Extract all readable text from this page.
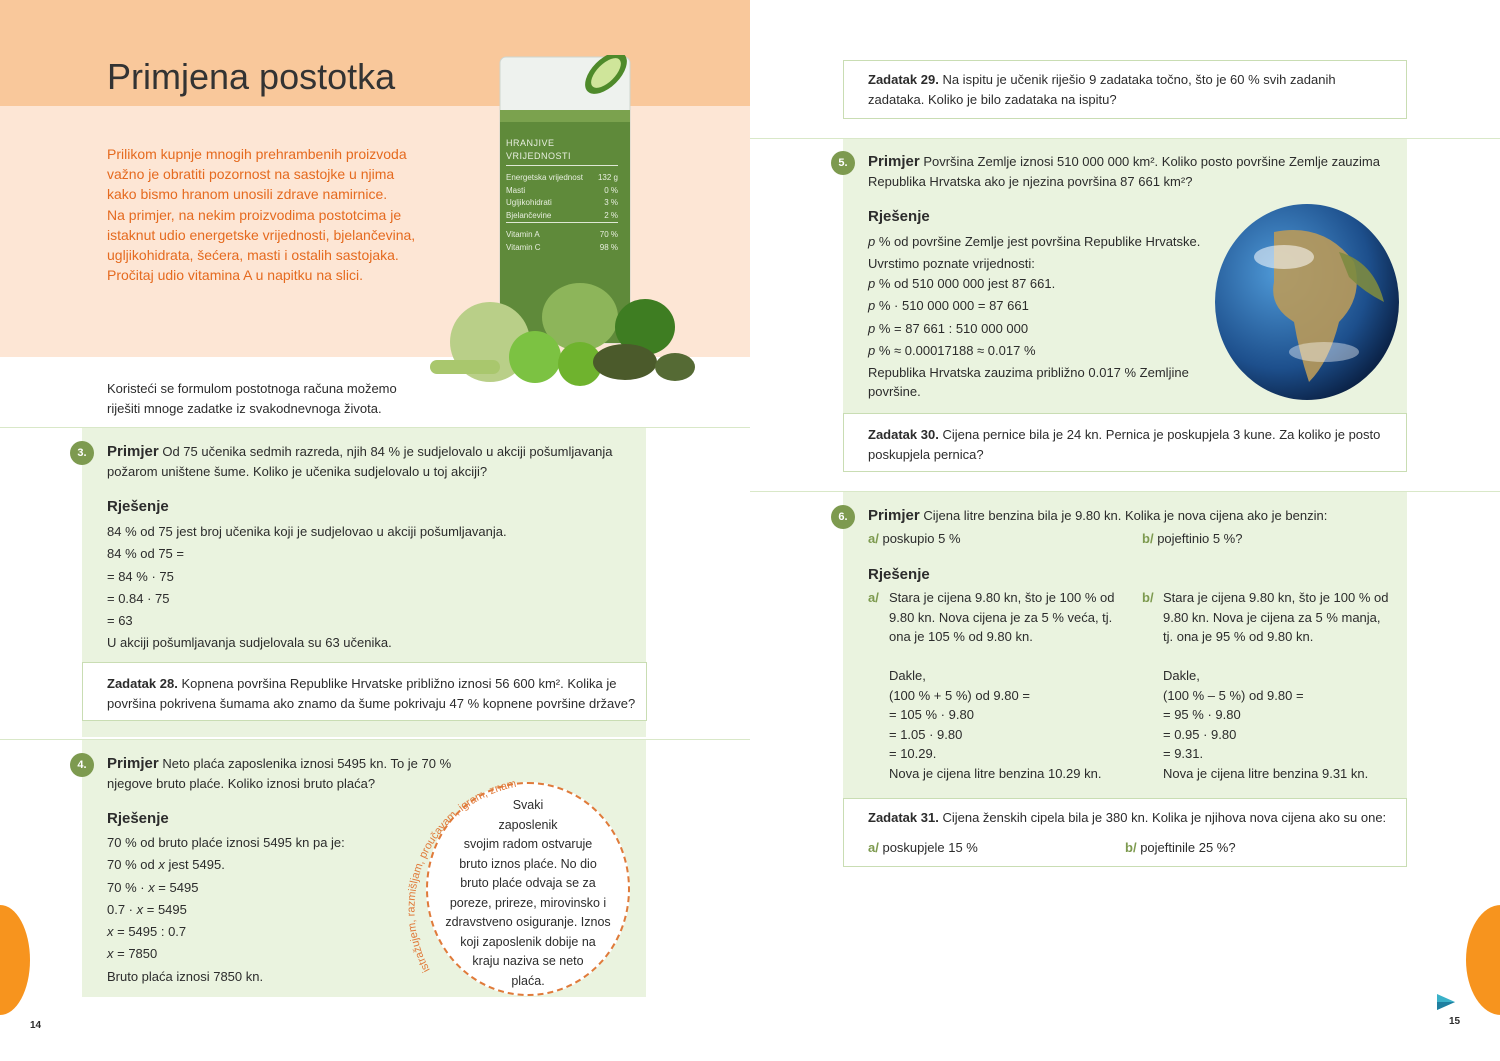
Primjena postotka
Prilikom kupnje mnogih prehrambenih proizvoda
važno je obratiti pozornost na sastojke u njima
kako bismo hranom unosili zdrave namirnice.
Na primjer, na nekim proizvodima postotcima je
istaknut udio energetske vrijednosti, bjelančevina,
ugljikohidrata, šećera, masti i ostalih sastojaka.
Pročitaj udio vitamina A u napitku na slici.
HRANJIVE VRIJEDNOSTI
Energetska vrijednost 132 g
Masti	0 %
Ugljikohidrati	3 %
Bjelančevine	2 %
Vitamin A	70 %
Vitamin C	98 %
Koristeći se formulom postotnoga računa možemo
riješiti mnoge zadatke iz svakodnevnoga života.
3.	Primjer Od 75 učenika sedmih razreda, njih 84 % je sudjelovalo u akciji pošumljavanja
požarom uništene šume. Koliko je učenika sudjelovalo u toj akciji?
Rješenje
84 % od 75 jest broj učenika koji je sudjelovao u akciji pošumljavanja.
84 % od 75 =
= 84 % · 75
= 0.84 · 75
= 63
U akciji pošumljavanja sudjelovala su 63 učenika.
Zadatak 28. Kopnena površina Republike Hrvatske približno iznosi 56 600 km². Kolika je
površina pokrivena šumama ako znamo da šume pokrivaju 47 % kopnene površine države?
4.	Primjer Neto plaća zaposlenika iznosi 5495 kn. To je 70 %
njegove bruto plaće. Koliko iznosi bruto plaća?
Rješenje
70 % od bruto plaće iznosi 5495 kn pa je:
70 % od x jest 5495.
70 % · x = 5495
0.7 · x = 5495
x = 5495 : 0.7
x = 7850
Bruto plaća iznosi 7850 kn.	istražujem, razmišljam, proučavam, igram, znam
Svaki
zaposlenik
svojim radom ostvaruje
bruto iznos plaće. No dio
bruto plaće odvaja se za
poreze, prireze, mirovinsko i
zdravstveno osiguranje. Iznos
koji zaposlenik dobije na
kraju naziva se neto
plaća.
14
Zadatak 29. Na ispitu je učenik riješio 9 zadataka točno, što je 60 % svih zadanih
zadataka. Koliko je bilo zadataka na ispitu?
5.	Primjer Površina Zemlje iznosi 510 000 000 km². Koliko posto površine Zemlje zauzima
Republika Hrvatska ako je njezina površina 87 661 km²?
Rješenje
p % od površine Zemlje jest površina Republike Hrvatske.
Uvrstimo poznate vrijednosti:
p % od 510 000 000 jest 87 661.
p % · 510 000 000 = 87 661
p % = 87 661 : 510 000 000
p % ≈ 0.00017188 ≈ 0.017 %
Republika Hrvatska zauzima približno 0.017 % Zemljine
površine.
Zadatak 30. Cijena pernice bila je 24 kn. Pernica je poskupjela 3 kune. Za koliko je posto
poskupjela pernica?
6.	Primjer Cijena litre benzina bila je 9.80 kn. Kolika je nova cijena ako je benzin:
a/ poskupio 5 %	b/ pojeftinio 5 %?
Rješenje
a/ Stara je cijena 9.80 kn, što je 100 % od
9.80 kn. Nova cijena je za 5 % veća, tj.
ona je 105 % od 9.80 kn.
Dakle,
(100 % + 5 %) od 9.80 =
= 105 % · 9.80
= 1.05 · 9.80
= 10.29.
Nova je cijena litre benzina 10.29 kn.
b/ Stara je cijena 9.80 kn, što je 100 % od
9.80 kn. Nova je cijena za 5 % manja,
tj. ona je 95 % od 9.80 kn.
Dakle,
(100 % – 5 %) od 9.80 =
= 95 % · 9.80
= 0.95 · 9.80
= 9.31.
Nova je cijena litre benzina 9.31 kn.
Zadatak 31. Cijena ženskih cipela bila je 380 kn. Kolika je njihova nova cijena ako su one:
a/ poskupjele 15 %	b/ pojeftinile 25 %?
15
